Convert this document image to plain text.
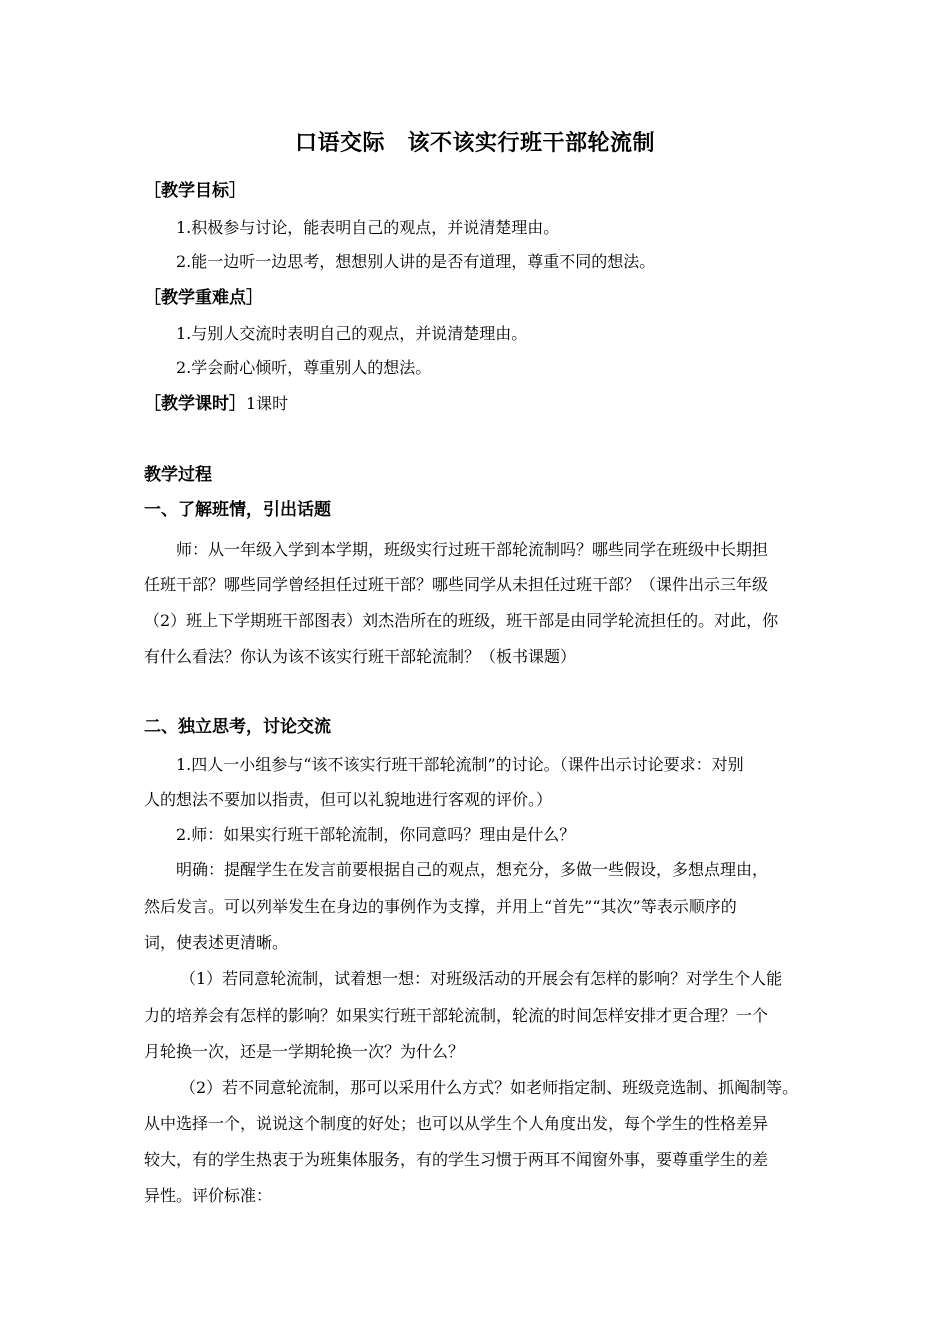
口语交际　该不该实行班干部轮流制
［教学目标］
1.积极参与讨论，能表明自己的观点，并说清楚理由。
2.能一边听一边思考，想想别人讲的是否有道理，尊重不同的想法。
［教学重难点］
1.与别人交流时表明自己的观点，并说清楚理由。
2.学会耐心倾听，尊重别人的想法。
［教学课时］1课时
教学过程
一、了解班情，引出话题
师：从一年级入学到本学期，班级实行过班干部轮流制吗？哪些同学在班级中长期担
任班干部？哪些同学曾经担任过班干部？哪些同学从未担任过班干部？（课件出示三年级
（2）班上下学期班干部图表）刘杰浩所在的班级，班干部是由同学轮流担任的。对此，你
有什么看法？你认为该不该实行班干部轮流制？（板书课题）
二、独立思考，讨论交流
1.四人一小组参与“该不该实行班干部轮流制”的讨论。（课件出示讨论要求：对别
人的想法不要加以指责，但可以礼貌地进行客观的评价。）
2.师：如果实行班干部轮流制，你同意吗？理由是什么？
明确：提醒学生在发言前要根据自己的观点，想充分，多做一些假设，多想点理由，
然后发言。可以列举发生在身边的事例作为支撑，并用上“首先”“其次”等表示顺序的
词，使表述更清晰。
（1）若同意轮流制，试着想一想：对班级活动的开展会有怎样的影响？对学生个人能
力的培养会有怎样的影响？如果实行班干部轮流制，轮流的时间怎样安排才更合理？一个
月轮换一次，还是一学期轮换一次？为什么？
（2）若不同意轮流制，那可以采用什么方式？如老师指定制、班级竞选制、抓阄制等。
从中选择一个，说说这个制度的好处；也可以从学生个人角度出发，每个学生的性格差异
较大，有的学生热衷于为班集体服务，有的学生习惯于两耳不闻窗外事，要尊重学生的差
异性。评价标准：
